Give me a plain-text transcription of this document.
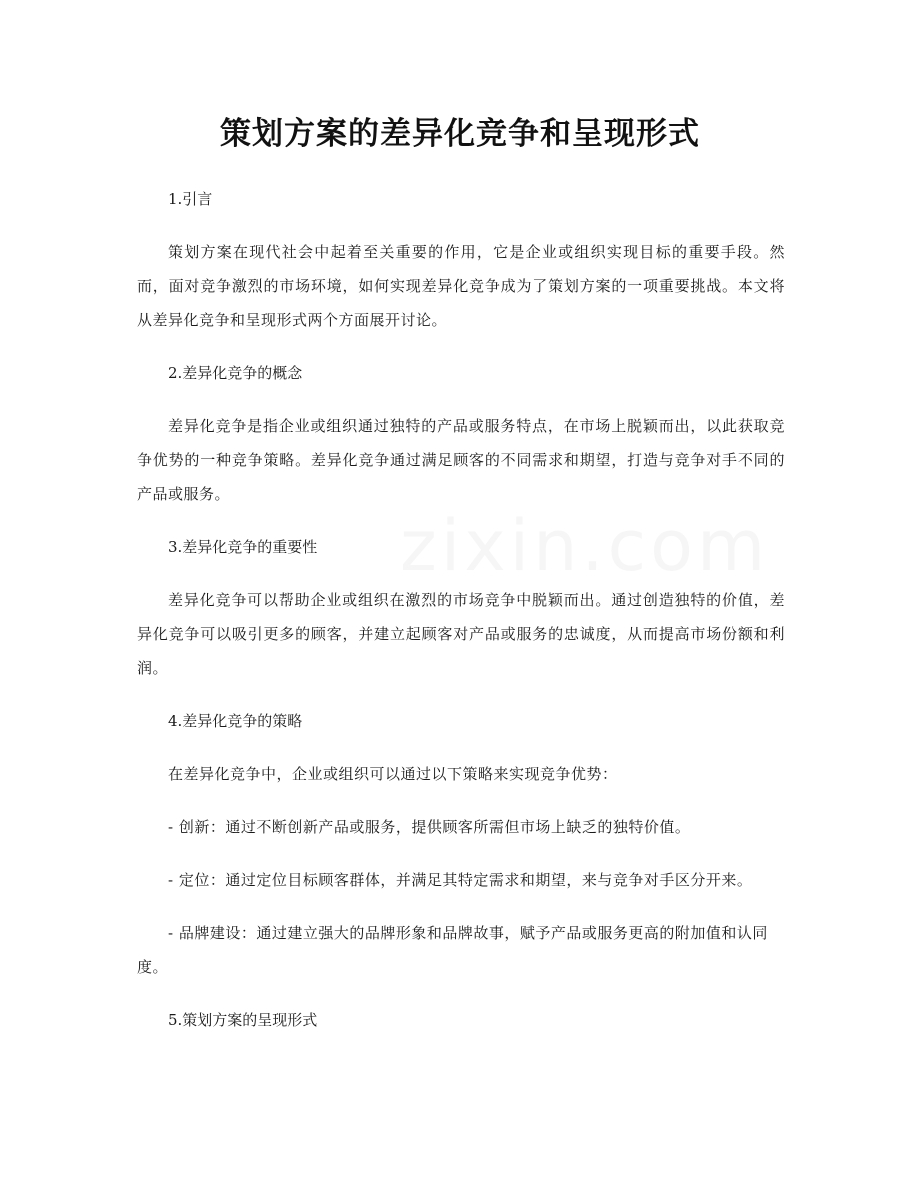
zixin.com
策划方案的差异化竞争和呈现形式

1.引言

策划方案在现代社会中起着至关重要的作用，它是企业或组织实现目标的重要手段。然而，面对竞争激烈的市场环境，如何实现差异化竞争成为了策划方案的一项重要挑战。本文将从差异化竞争和呈现形式两个方面展开讨论。

2.差异化竞争的概念

差异化竞争是指企业或组织通过独特的产品或服务特点，在市场上脱颖而出，以此获取竞争优势的一种竞争策略。差异化竞争通过满足顾客的不同需求和期望，打造与竞争对手不同的产品或服务。

3.差异化竞争的重要性

差异化竞争可以帮助企业或组织在激烈的市场竞争中脱颖而出。通过创造独特的价值，差异化竞争可以吸引更多的顾客，并建立起顾客对产品或服务的忠诚度，从而提高市场份额和利润。

4.差异化竞争的策略

在差异化竞争中，企业或组织可以通过以下策略来实现竞争优势：

- 创新：通过不断创新产品或服务，提供顾客所需但市场上缺乏的独特价值。

- 定位：通过定位目标顾客群体，并满足其特定需求和期望，来与竞争对手区分开来。

- 品牌建设：通过建立强大的品牌形象和品牌故事，赋予产品或服务更高的附加值和认同度。

5.策划方案的呈现形式
